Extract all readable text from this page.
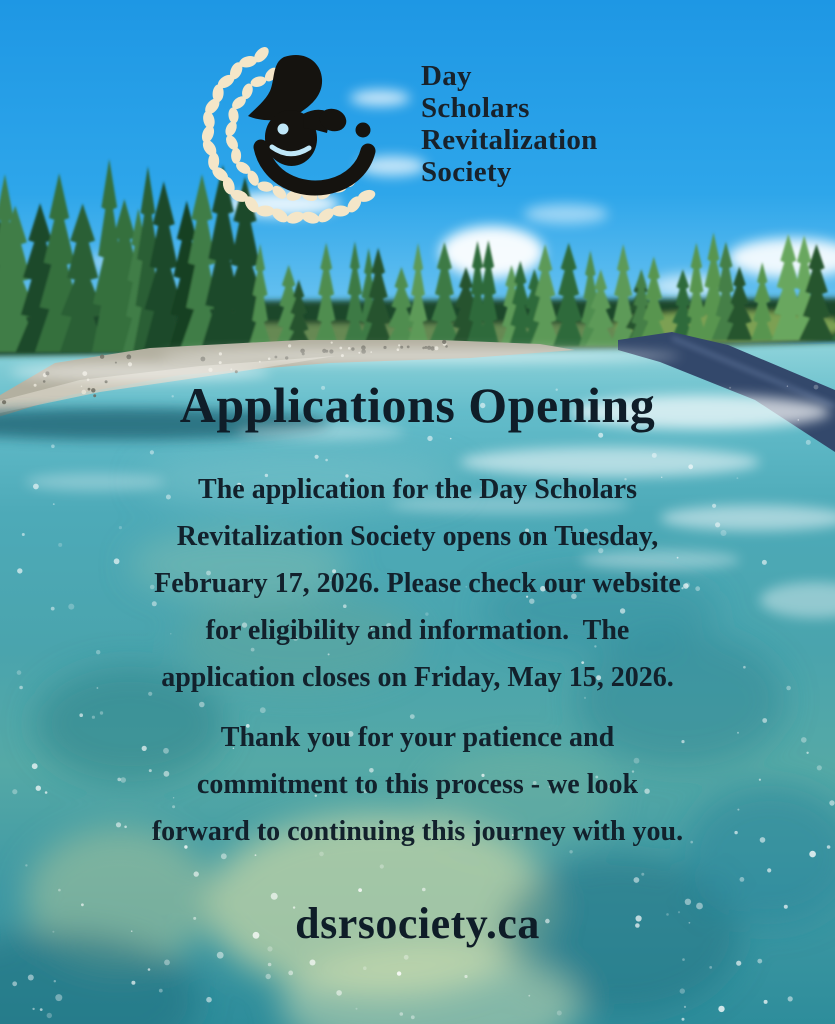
Day
Scholars
Revitalization
Society
Applications Opening
The application for the Day Scholars
Revitalization Society opens on Tuesday,
February 17, 2026. Please check our website
for eligibility and information.  The
application closes on Friday, May 15, 2026.
Thank you for your patience and
commitment to this process - we look
forward to continuing this journey with you.
dsrsociety.ca
